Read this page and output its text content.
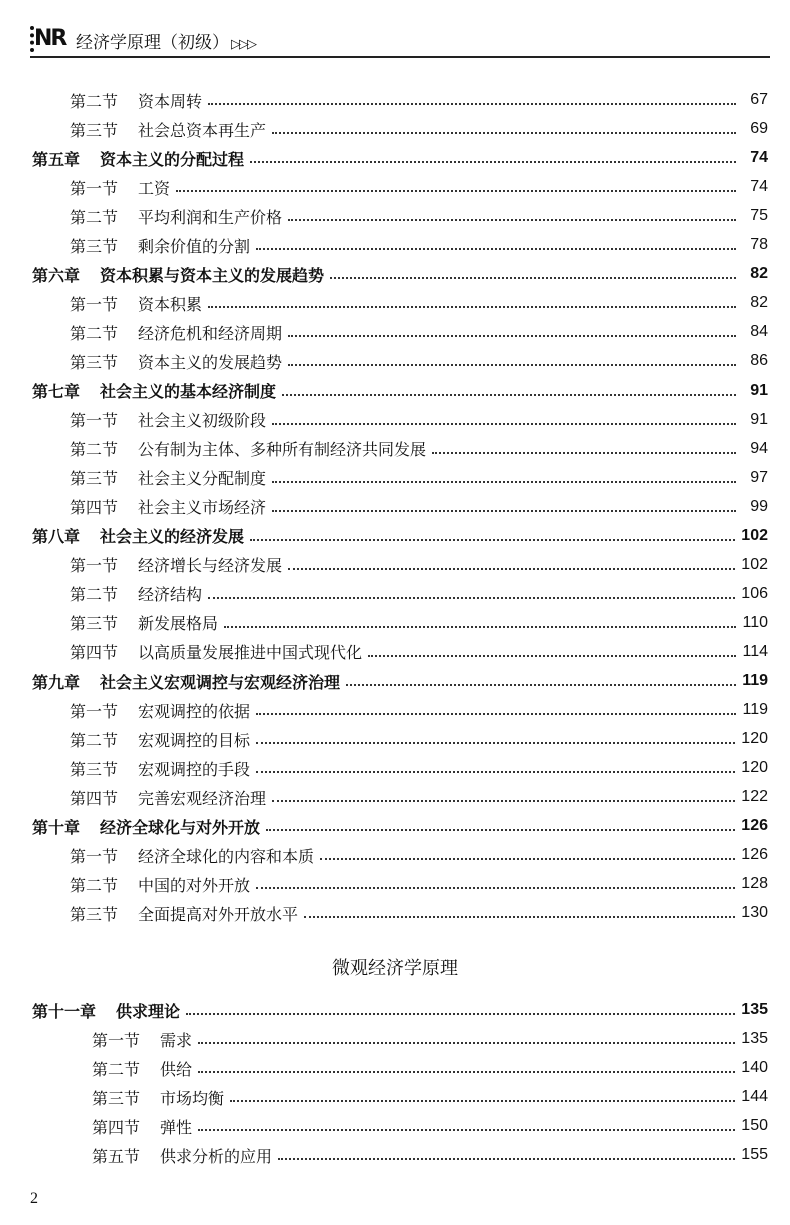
NR 经济学原理（初级） ▷▷▷
第二节 资本周转	67
第三节 社会总资本再生产	69
第五章 资本主义的分配过程	74
第一节 工资	74
第二节 平均利润和生产价格	75
第三节 剩余价值的分割	78
第六章 资本积累与资本主义的发展趋势	82
第一节 资本积累	82
第二节 经济危机和经济周期	84
第三节 资本主义的发展趋势	86
第七章 社会主义的基本经济制度	91
第一节 社会主义初级阶段	91
第二节 公有制为主体、多种所有制经济共同发展	94
第三节 社会主义分配制度	97
第四节 社会主义市场经济	99
第八章 社会主义的经济发展	102
第一节 经济增长与经济发展	102
第二节 经济结构	106
第三节 新发展格局	110
第四节 以高质量发展推进中国式现代化	114
第九章 社会主义宏观调控与宏观经济治理	119
第一节 宏观调控的依据	119
第二节 宏观调控的目标	120
第三节 宏观调控的手段	120
第四节 完善宏观经济治理	122
第十章 经济全球化与对外开放	126
第一节 经济全球化的内容和本质	126
第二节 中国的对外开放	128
第三节 全面提高对外开放水平	130
微观经济学原理
第十一章 供求理论	135
第一节 需求	135
第二节 供给	140
第三节 市场均衡	144
第四节 弹性	150
第五节 供求分析的应用	155
2
